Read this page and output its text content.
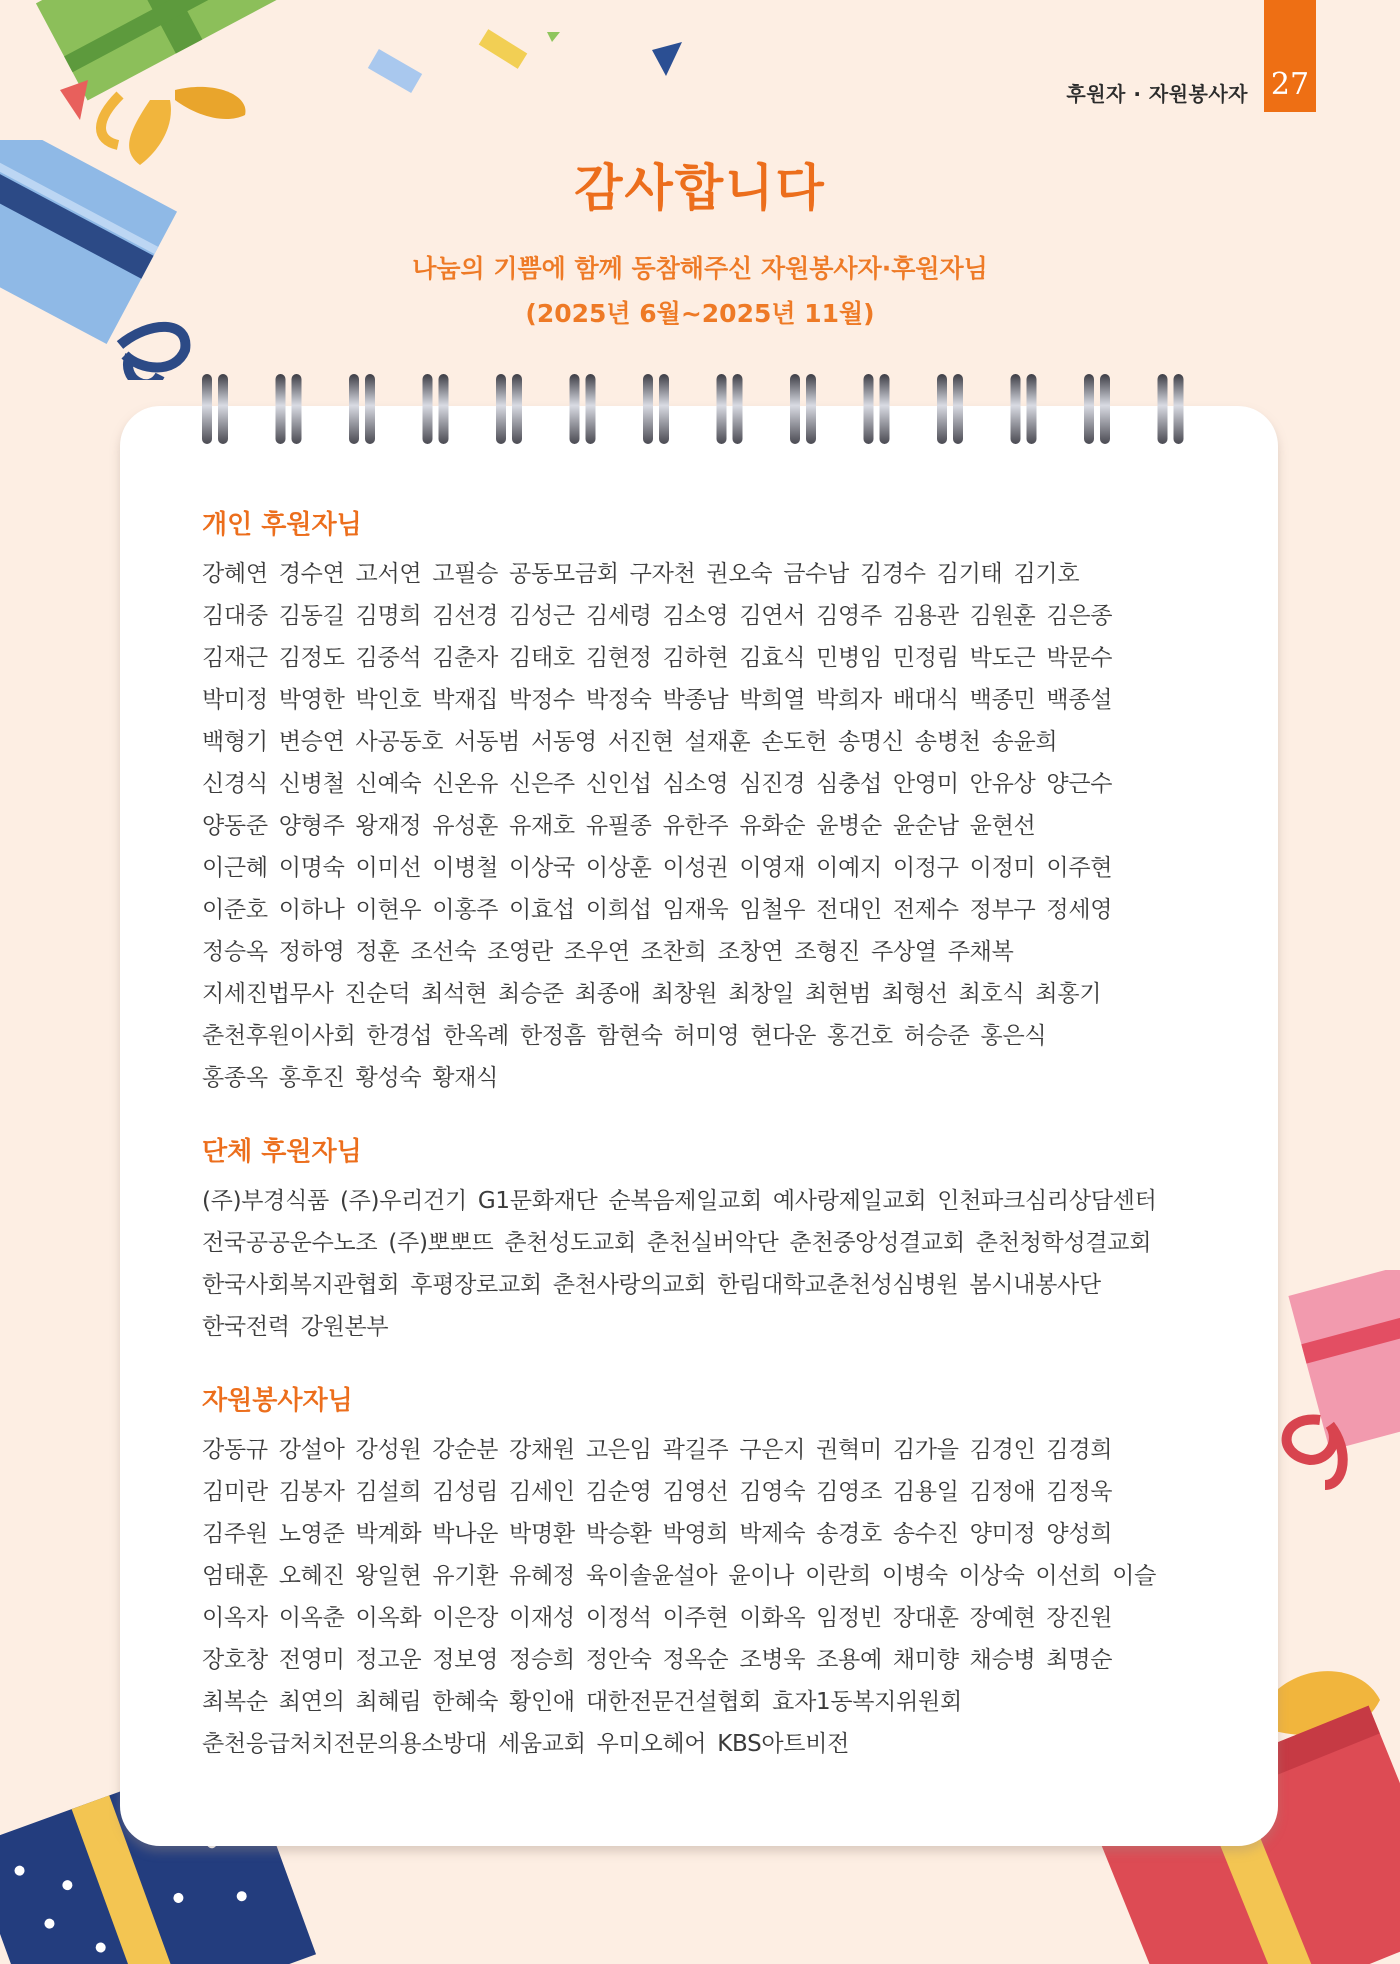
후원자 · 자원봉사자 27
감사합니다
나눔의 기쁨에 함께 동참해주신 자원봉사자·후원자님
(2025년 6월~2025년 11월)
개인 후원자님
강혜연 경수연 고서연 고필승 공동모금회 구자천 권오숙 금수남 김경수 김기태 김기호
김대중 김동길 김명희 김선경 김성근 김세령 김소영 김연서 김영주 김용관 김원훈 김은종
김재근 김정도 김중석 김춘자 김태호 김현정 김하현 김효식 민병임 민정림 박도근 박문수
박미정 박영한 박인호 박재집 박정수 박정숙 박종남 박희열 박희자 배대식 백종민 백종설
백형기 변승연 사공동호 서동범 서동영 서진현 설재훈 손도헌 송명신 송병천 송윤희
신경식 신병철 신예숙 신온유 신은주 신인섭 심소영 심진경 심충섭 안영미 안유상 양근수
양동준 양형주 왕재정 유성훈 유재호 유필종 유한주 유화순 윤병순 윤순남 윤현선
이근혜 이명숙 이미선 이병철 이상국 이상훈 이성권 이영재 이예지 이정구 이정미 이주현
이준호 이하나 이현우 이홍주 이효섭 이희섭 임재욱 임철우 전대인 전제수 정부구 정세영
정승옥 정하영 정훈 조선숙 조영란 조우연 조찬희 조창연 조형진 주상열 주채복
지세진법무사 진순덕 최석현 최승준 최종애 최창원 최창일 최현범 최형선 최호식 최홍기
춘천후원이사회 한경섭 한옥례 한정흠 함현숙 허미영 현다운 홍건호 허승준 홍은식
홍종옥 홍후진 황성숙 황재식
단체 후원자님
(주)부경식품 (주)우리건기 G1문화재단 순복음제일교회 예사랑제일교회 인천파크심리상담센터
전국공공운수노조 (주)뽀뽀뜨 춘천성도교회 춘천실버악단 춘천중앙성결교회 춘천청학성결교회
한국사회복지관협회 후평장로교회 춘천사랑의교회 한림대학교춘천성심병원 봄시내봉사단
한국전력 강원본부
자원봉사자님
강동규 강설아 강성원 강순분 강채원 고은임 곽길주 구은지 권혁미 김가을 김경인 김경희
김미란 김봉자 김설희 김성림 김세인 김순영 김영선 김영숙 김영조 김용일 김정애 김정욱
김주원 노영준 박계화 박나운 박명환 박승환 박영희 박제숙 송경호 송수진 양미정 양성희
엄태훈 오혜진 왕일현 유기환 유혜정 육이솔윤설아 윤이나 이란희 이병숙 이상숙 이선희 이슬
이옥자 이옥춘 이옥화 이은장 이재성 이정석 이주현 이화옥 임정빈 장대훈 장예현 장진원
장호창 전영미 정고운 정보영 정승희 정안숙 정옥순 조병욱 조용예 채미향 채승병 최명순
최복순 최연의 최혜림 한혜숙 황인애 대한전문건설협회 효자1동복지위원회
춘천응급처치전문의용소방대 세움교회 우미오헤어 KBS아트비전
